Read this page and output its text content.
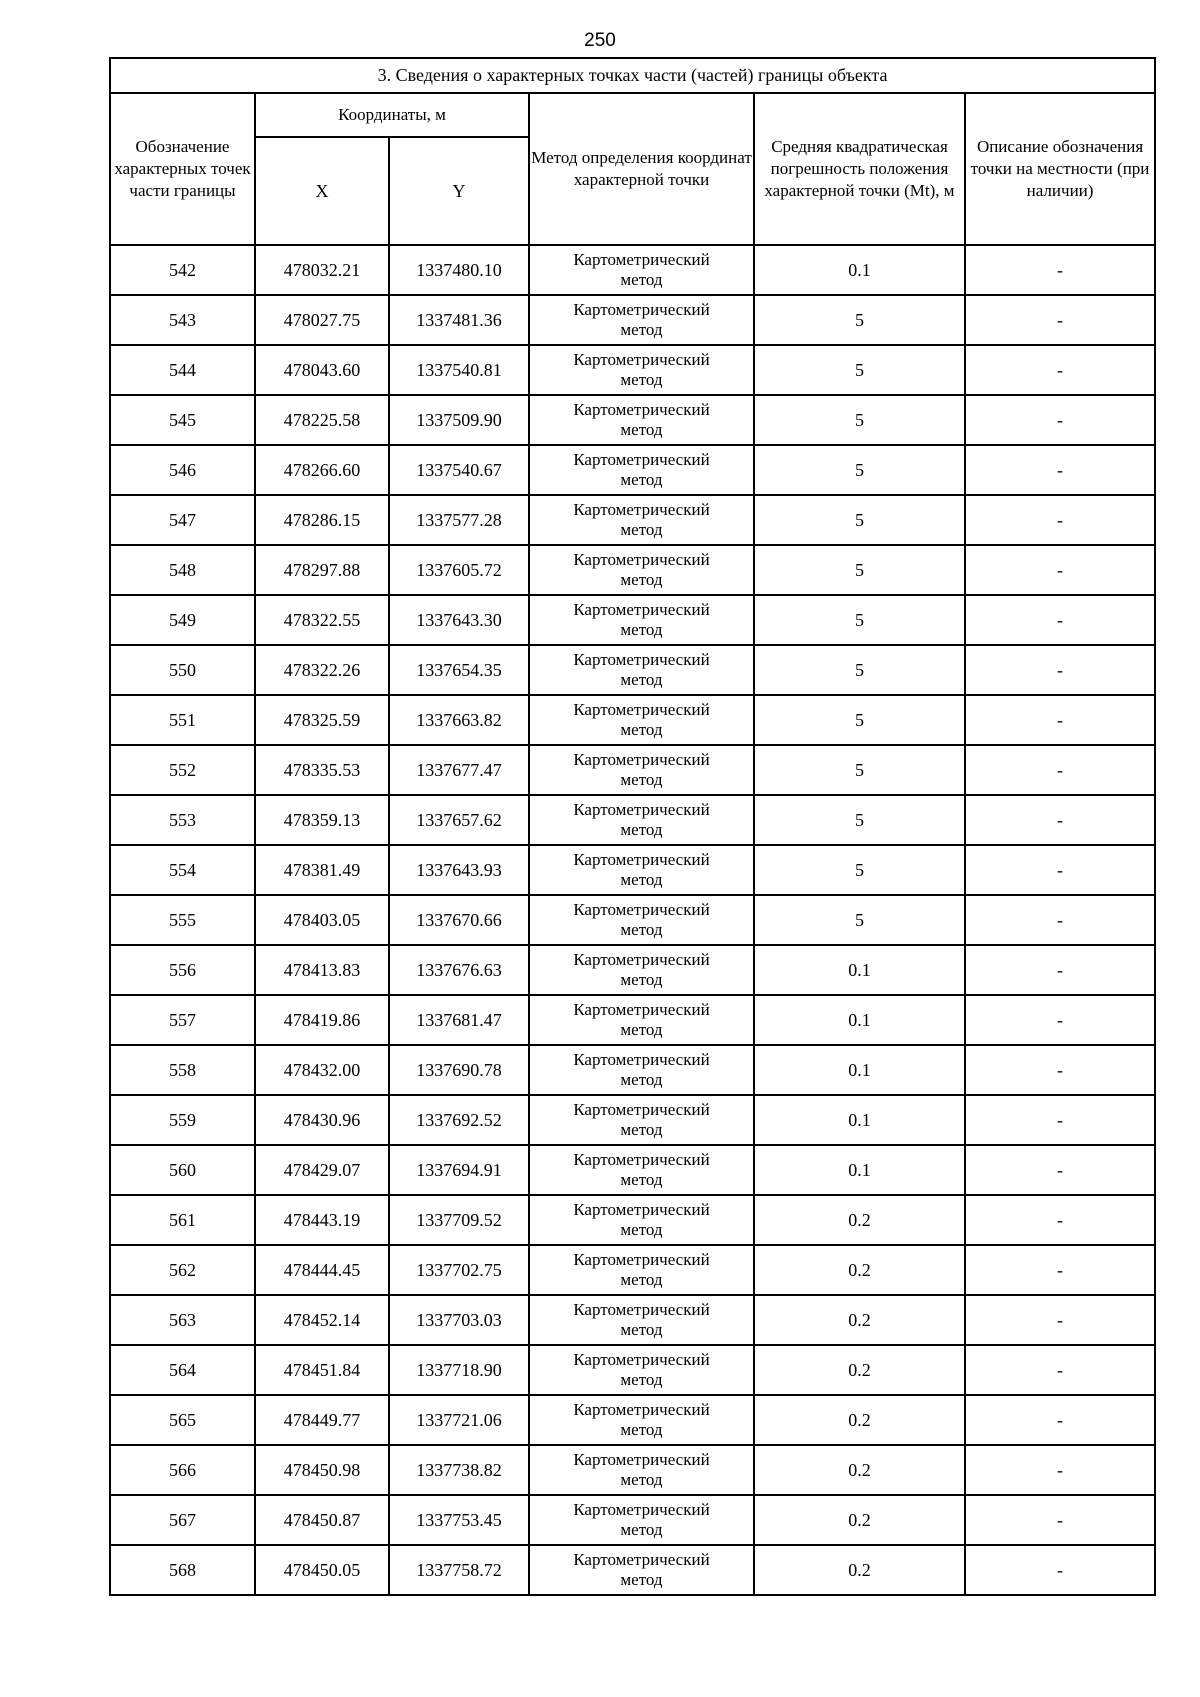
250
3. Сведения о характерных точках части (частей) границы объекта					
Обозначение характерных точек части границы	Координаты, м		Метод определения координат характерной точки	Средняя квадратическая погрешность положения характерной точки (Mt), м	Описание обозначения точки на местности (при наличии)
	X	Y			
542	478032.21	1337480.10	Картометрический
метод	0.1	-
543	478027.75	1337481.36	Картометрический
метод	5	-
544	478043.60	1337540.81	Картометрический
метод	5	-
545	478225.58	1337509.90	Картометрический
метод	5	-
546	478266.60	1337540.67	Картометрический
метод	5	-
547	478286.15	1337577.28	Картометрический
метод	5	-
548	478297.88	1337605.72	Картометрический
метод	5	-
549	478322.55	1337643.30	Картометрический
метод	5	-
550	478322.26	1337654.35	Картометрический
метод	5	-
551	478325.59	1337663.82	Картометрический
метод	5	-
552	478335.53	1337677.47	Картометрический
метод	5	-
553	478359.13	1337657.62	Картометрический
метод	5	-
554	478381.49	1337643.93	Картометрический
метод	5	-
555	478403.05	1337670.66	Картометрический
метод	5	-
556	478413.83	1337676.63	Картометрический
метод	0.1	-
557	478419.86	1337681.47	Картометрический
метод	0.1	-
558	478432.00	1337690.78	Картометрический
метод	0.1	-
559	478430.96	1337692.52	Картометрический
метод	0.1	-
560	478429.07	1337694.91	Картометрический
метод	0.1	-
561	478443.19	1337709.52	Картометрический
метод	0.2	-
562	478444.45	1337702.75	Картометрический
метод	0.2	-
563	478452.14	1337703.03	Картометрический
метод	0.2	-
564	478451.84	1337718.90	Картометрический
метод	0.2	-
565	478449.77	1337721.06	Картометрический
метод	0.2	-
566	478450.98	1337738.82	Картометрический
метод	0.2	-
567	478450.87	1337753.45	Картометрический
метод	0.2	-
568	478450.05	1337758.72	Картометрический
метод	0.2	-
